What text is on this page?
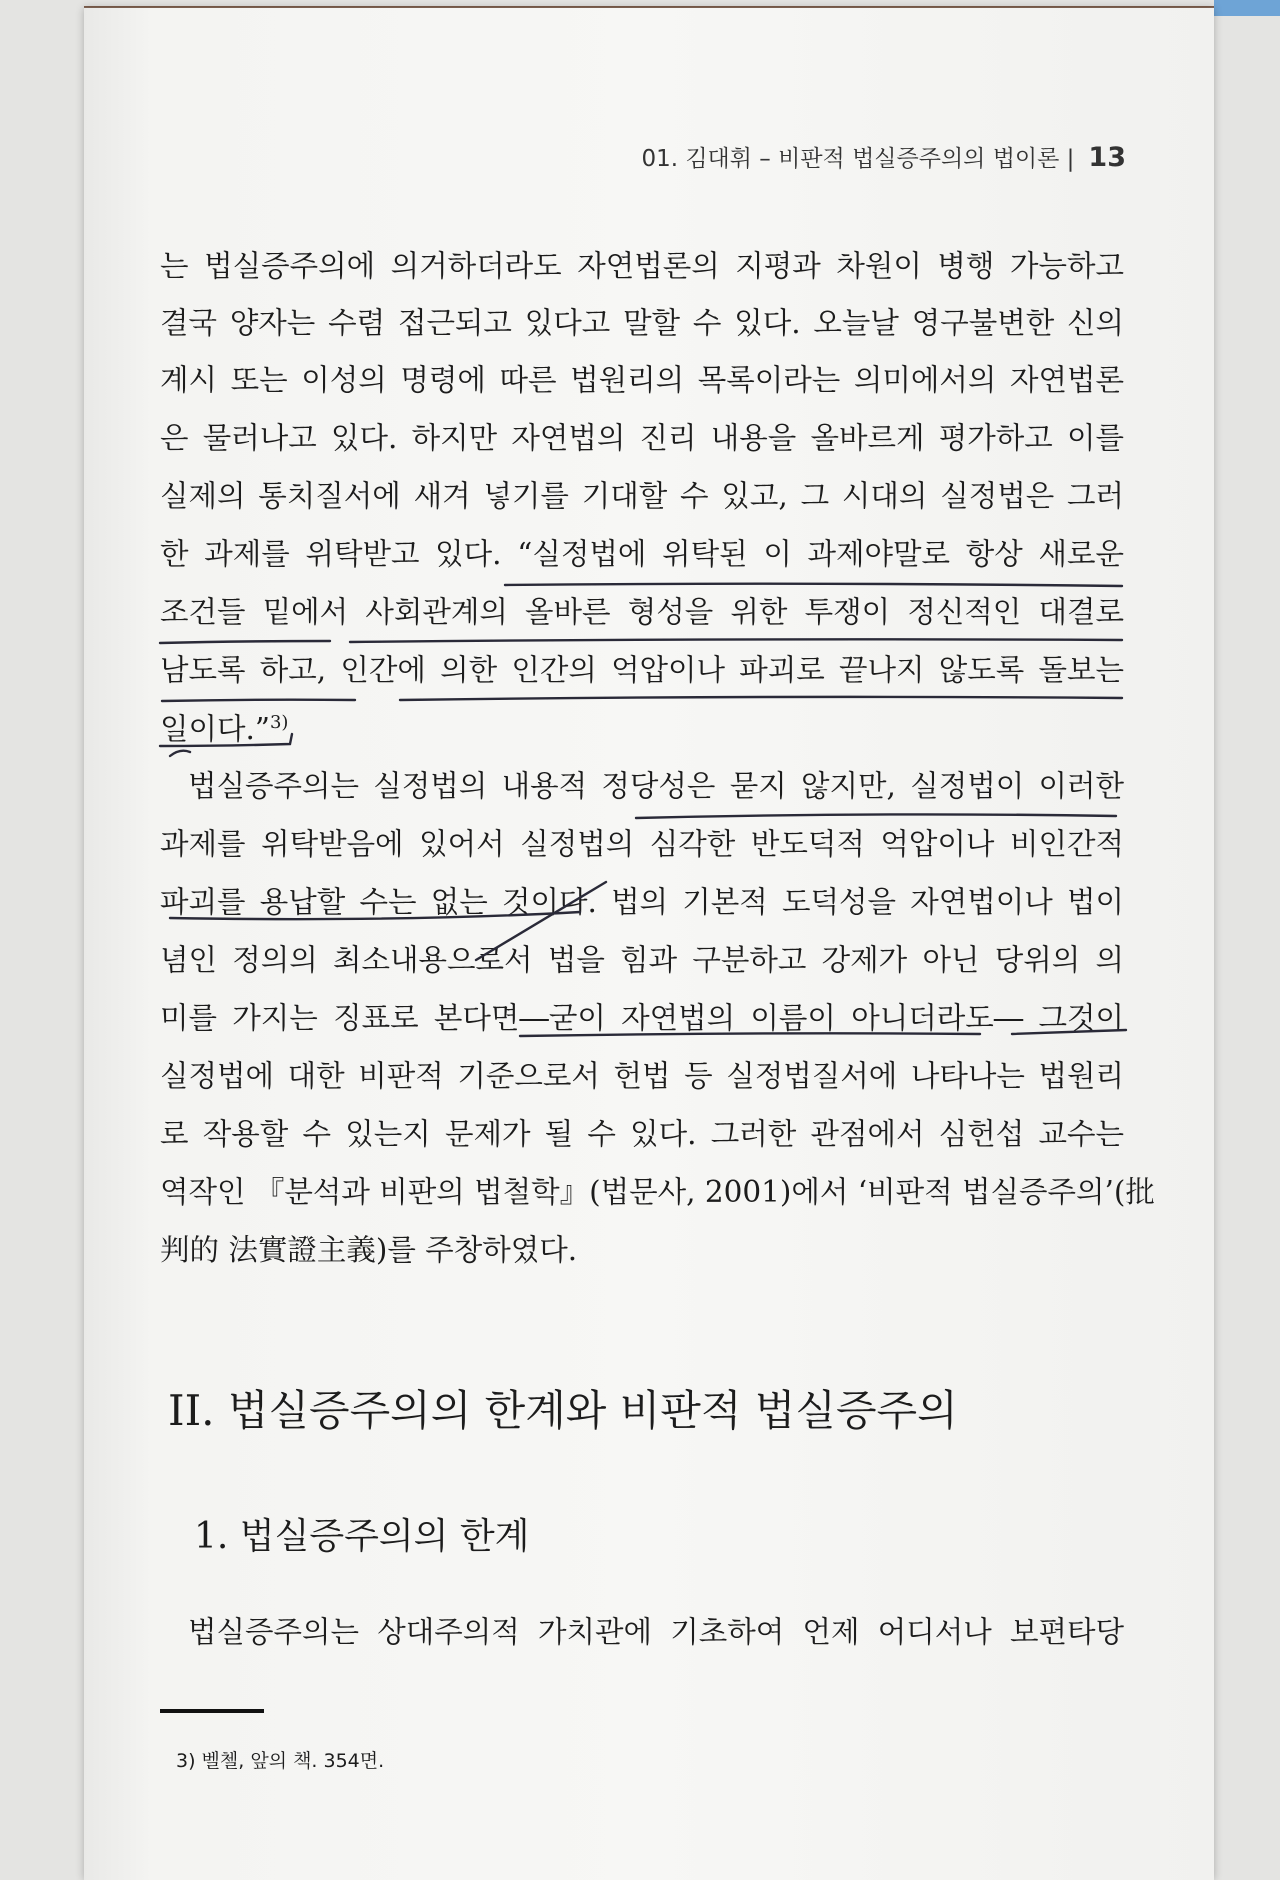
01. 김대휘 – 비판적 법실증주의의 법이론 | 13
는 법실증주의에 의거하더라도 자연법론의 지평과 차원이 병행 가능하고
결국 양자는 수렴 접근되고 있다고 말할 수 있다. 오늘날 영구불변한 신의
계시 또는 이성의 명령에 따른 법원리의 목록이라는 의미에서의 자연법론
은 물러나고 있다. 하지만 자연법의 진리 내용을 올바르게 평가하고 이를
실제의 통치질서에 새겨 넣기를 기대할 수 있고, 그 시대의 실정법은 그러
한 과제를 위탁받고 있다. “실정법에 위탁된 이 과제야말로 항상 새로운
조건들 밑에서 사회관계의 올바른 형성을 위한 투쟁이 정신적인 대결로
남도록 하고, 인간에 의한 인간의 억압이나 파괴로 끝나지 않도록 돌보는
일이다.”$^{3)}$
법실증주의는 실정법의 내용적 정당성은 묻지 않지만, 실정법이 이러한
과제를 위탁받음에 있어서 실정법의 심각한 반도덕적 억압이나 비인간적
파괴를 용납할 수는 없는 것이다. 법의 기본적 도덕성을 자연법이나 법이
념인 정의의 최소내용으로서 법을 힘과 구분하고 강제가 아닌 당위의 의
미를 가지는 징표로 본다면―굳이 자연법의 이름이 아니더라도― 그것이
실정법에 대한 비판적 기준으로서 헌법 등 실정법질서에 나타나는 법원리
로 작용할 수 있는지 문제가 될 수 있다. 그러한 관점에서 심헌섭 교수는
역작인 『분석과 비판의 법철학』(법문사, 2001)에서 ‘비판적 법실증주의’(批
判的 法實證主義)를 주창하였다.
II. 법실증주의의 한계와 비판적 법실증주의
1. 법실증주의의 한계
법실증주의는 상대주의적 가치관에 기초하여 언제 어디서나 보편타당
3) 벨첼, 앞의 책. 354면.
